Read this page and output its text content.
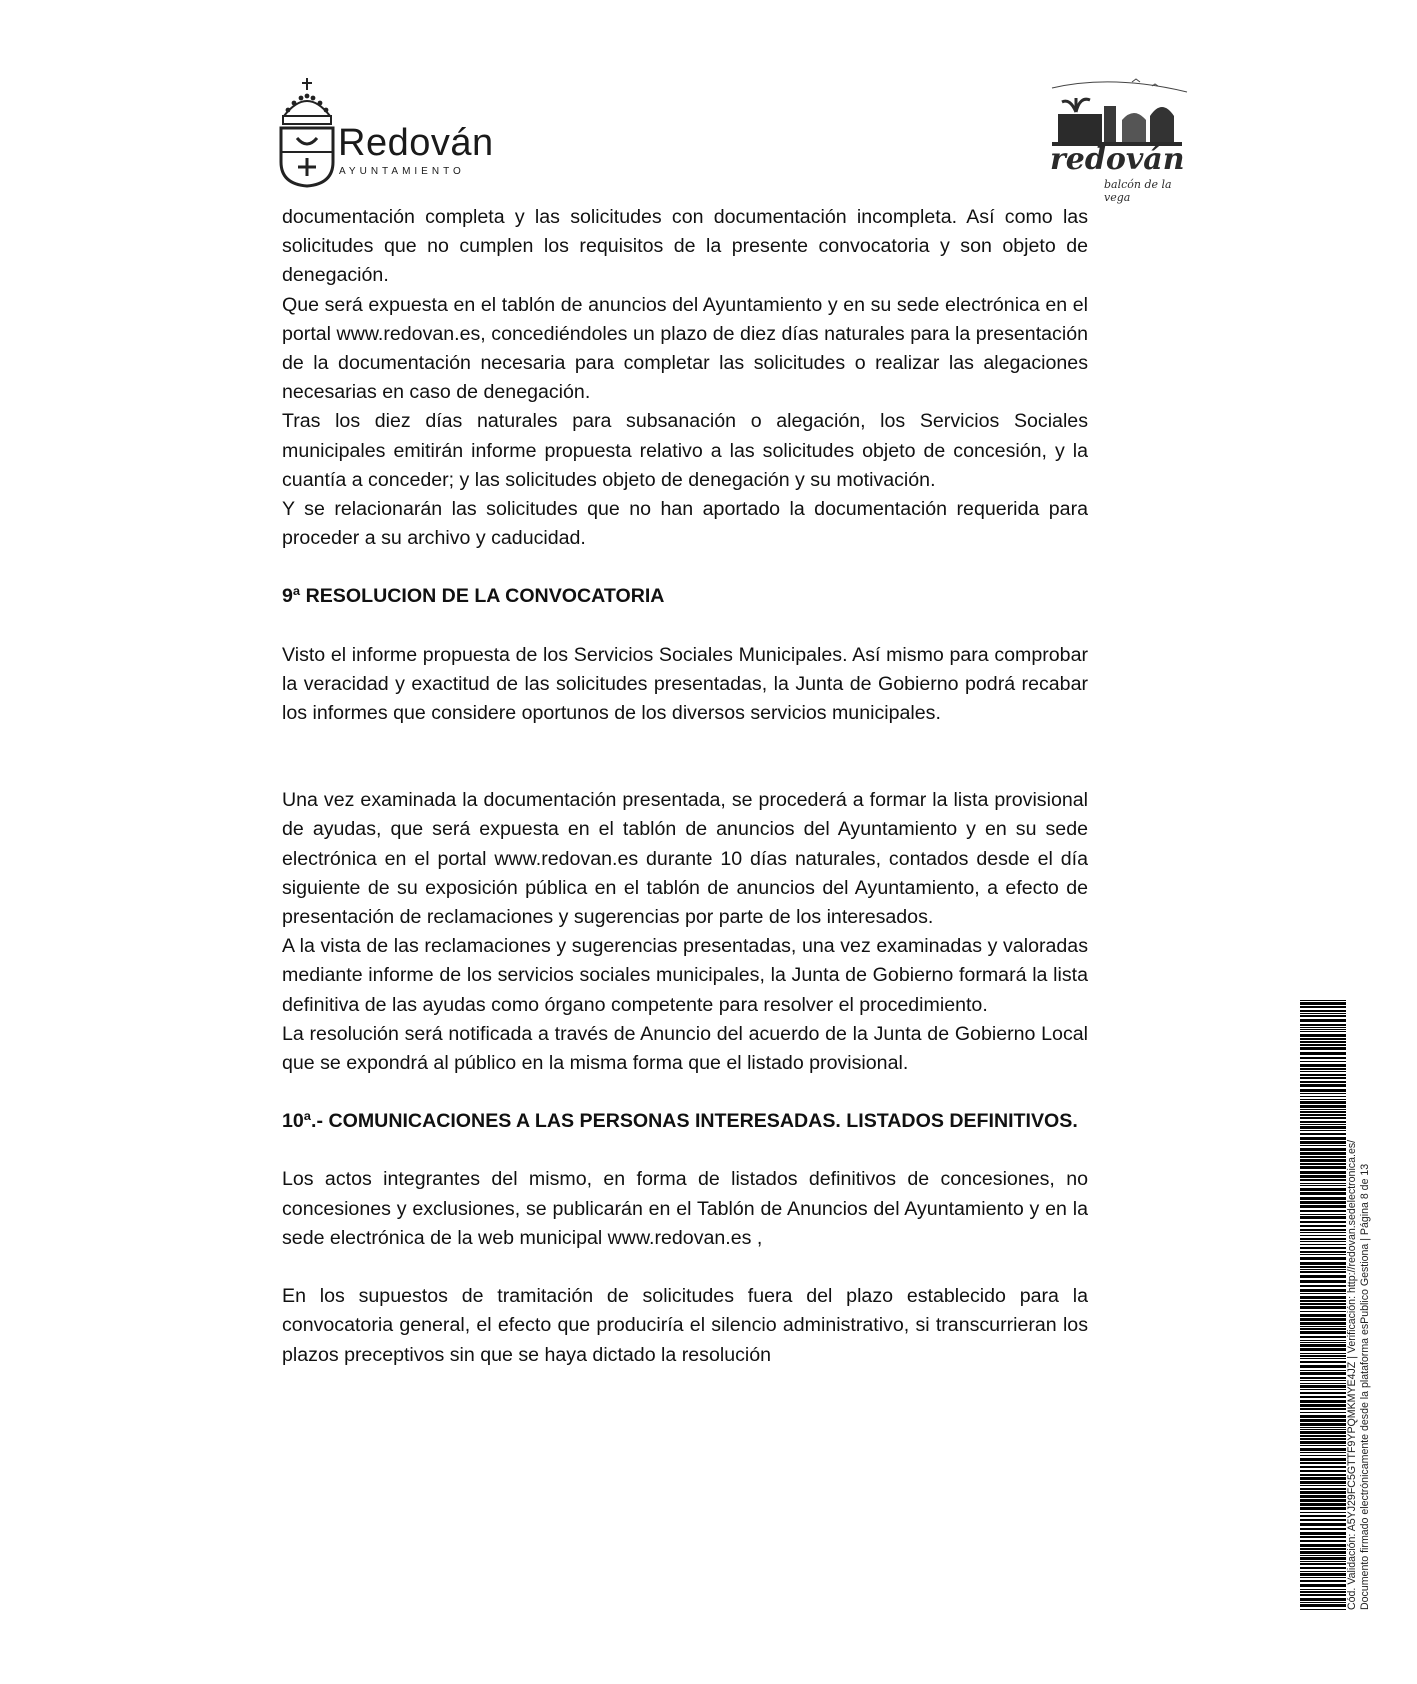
Redován
AYUNTAMIENTO	redován
balcón de la vega

documentación completa y las solicitudes con documentación incompleta. Así como las solicitudes que no cumplen los requisitos de la presente convocatoria y son objeto de denegación.

Que será expuesta en el tablón de anuncios del Ayuntamiento y en su sede electrónica en el portal www.redovan.es, concediéndoles un plazo de diez días naturales para la presentación de la documentación necesaria para completar las solicitudes o realizar las alegaciones necesarias en caso de denegación.

Tras los diez días naturales para subsanación o alegación, los Servicios Sociales municipales emitirán informe propuesta relativo a las solicitudes objeto de concesión, y la cuantía a conceder; y las solicitudes objeto de denegación y su motivación.

Y se relacionarán las solicitudes que no han aportado la documentación requerida para proceder a su archivo y caducidad.

9ª RESOLUCION DE LA CONVOCATORIA

Visto el informe propuesta de los Servicios Sociales Municipales. Así mismo para comprobar la veracidad y exactitud de las solicitudes presentadas, la Junta de Gobierno podrá recabar los informes que considere oportunos de los diversos servicios municipales.

Una vez examinada la documentación presentada, se procederá a formar la lista provisional de ayudas, que será expuesta en el tablón de anuncios del Ayuntamiento y en su sede electrónica en el portal www.redovan.es durante 10 días naturales, contados desde el día siguiente de su exposición pública en el tablón de anuncios del Ayuntamiento, a efecto de presentación de reclamaciones y sugerencias por parte de los interesados.

A la vista de las reclamaciones y sugerencias presentadas, una vez examinadas y valoradas mediante informe de los servicios sociales municipales, la Junta de Gobierno formará la lista definitiva de las ayudas como órgano competente para resolver el procedimiento.

La resolución será notificada a través de Anuncio del acuerdo de la Junta de Gobierno Local que se expondrá al público en la misma forma que el listado provisional.

10ª.- COMUNICACIONES A LAS PERSONAS INTERESADAS. LISTADOS DEFINITIVOS.

Los actos integrantes del mismo, en forma de listados definitivos de concesiones, no concesiones y exclusiones, se publicarán en el Tablón de Anuncios del Ayuntamiento y en la sede electrónica de la web municipal www.redovan.es ,

En los supuestos de tramitación de solicitudes fuera del plazo establecido para la convocatoria general, el efecto que produciría el silencio administrativo, si transcurrieran los plazos preceptivos sin que se haya dictado la resolución	Cód. Validación: A5YJ29FC5GTTF9YPQMKMYE4JZ | Verificación: http://redovan.sedelectronica.es/ Documento firmado electrónicamente desde la plataforma esPublico Gestiona | Página 8 de 13
